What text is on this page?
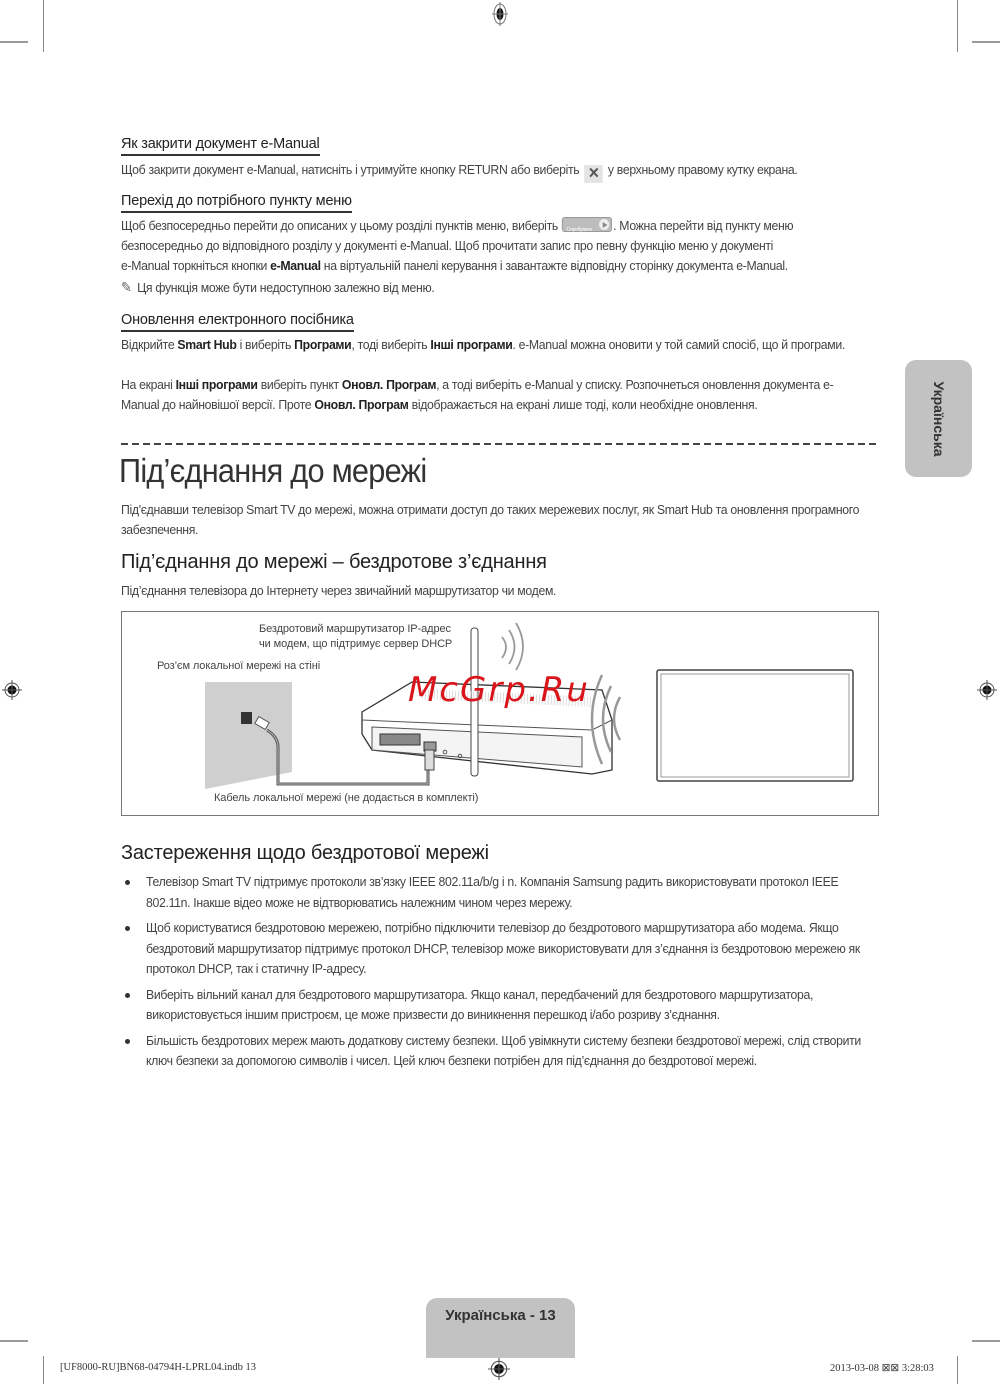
Як закрити документ e-Manual
Щоб закрити документ e-Manual, натисніть і утримуйте кнопку RETURN або виберіть ✕ у верхньому правому кутку екрана.
Перехід до потрібного пункту меню
Щоб безпосередньо перейти до описаних у цьому розділі пунктів меню, виберіть Спробувати . Можна перейти від пункту меню
безпосередньо до відповідного розділу у документі e-Manual. Щоб прочитати запис про певну функцію меню у документі
e-Manual торкніться кнопки e-Manual на віртуальній панелі керування і завантажте відповідну сторінку документа e-Manual.
✎ Ця функція може бути недоступною залежно від меню.
Оновлення електронного посібника
Відкрийте Smart Hub і виберіть Програми, тоді виберіть Інші програми. e-Manual можна оновити у той самий спосіб, що й програми.
На екрані Інші програми виберіть пункт Оновл. Програм, а тоді виберіть e-Manual у списку. Розпочнеться оновлення документа e-Manual до найновішої версії. Проте Оновл. Програм відображається на екрані лише тоді, коли необхідне оновлення.
Під’єднання до мережі
Під'єднавши телевізор Smart TV до мережі, можна отримати доступ до таких мережевих послуг, як Smart Hub та оновлення програмного забезпечення.
Під’єднання до мережі – бездротове з’єднання
Під’єднання телевізора до Інтернету через звичайний маршрутизатор чи модем.
Бездротовий маршрутизатор IP-адрес
чи модем, що підтримує сервер DHCP
Роз’єм локальної мережі на стіні
Кабель локальної мережі (не додається в комплекті)
McGrp.Ru
Застереження щодо бездротової мережі
Телевізор Smart TV підтримує протоколи зв’язку IEEE 802.11a/b/g і n. Компанія Samsung радить використовувати протокол IEEE 802.11n. Інакше відео може не відтворюватись належним чином через мережу.
Щоб користуватися бездротовою мережею, потрібно підключити телевізор до бездротового маршрутизатора або модема. Якщо бездротовий маршрутизатор підтримує протокол DHCP, телевізор може використовувати для з’єднання із бездротовою мережею як протокол DHCP, так і статичну IP-адресу.
Виберіть вільний канал для бездротового маршрутизатора. Якщо канал, передбачений для бездротового маршрутизатора, використовується іншим пристроєм, це може призвести до виникнення перешкод і/або розриву з’єднання.
Більшість бездротових мереж мають додаткову систему безпеки. Щоб увімкнути систему безпеки бездротової мережі, слід створити ключ безпеки за допомогою символів і чисел. Цей ключ безпеки потрібен для під’єднання до бездротової мережі.
Українська
Українська - 13
[UF8000-RU]BN68-04794H-LPRL04.indb 13	2013-03-08 ⊠⊠ 3:28:03
